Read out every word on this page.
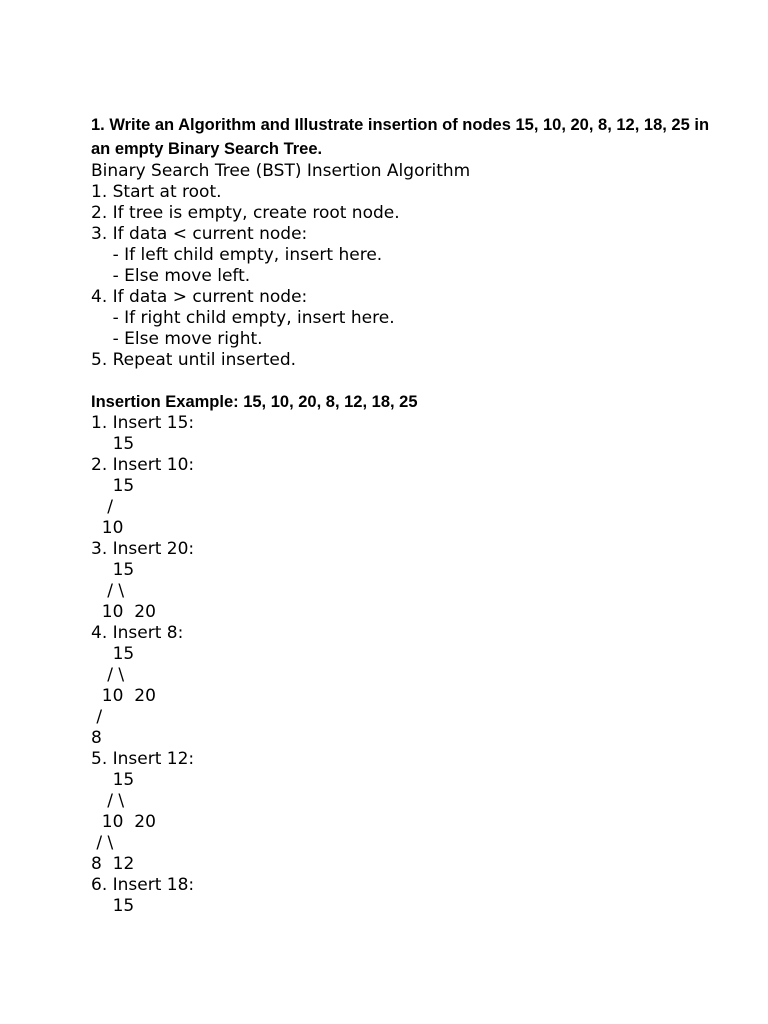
1. Write an Algorithm and Illustrate insertion of nodes 15, 10, 20, 8, 12, 18, 25 in an empty Binary Search Tree.

Binary Search Tree (BST) Insertion Algorithm

1. Start at root.

2. If tree is empty, create root node.

3. If data < current node:

- If left child empty, insert here.

- Else move left.

4. If data > current node:

- If right child empty, insert here.

- Else move right.

5. Repeat until inserted.

Insertion Example: 15, 10, 20, 8, 12, 18, 25

1. Insert 15:

15

2. Insert 10:

15

/

10

3. Insert 20:

15

/ \

10  20

4. Insert 8:

15

/ \

10  20

/

8

5. Insert 12:

15

/ \

10  20

/ \

8  12

6. Insert 18:

15
